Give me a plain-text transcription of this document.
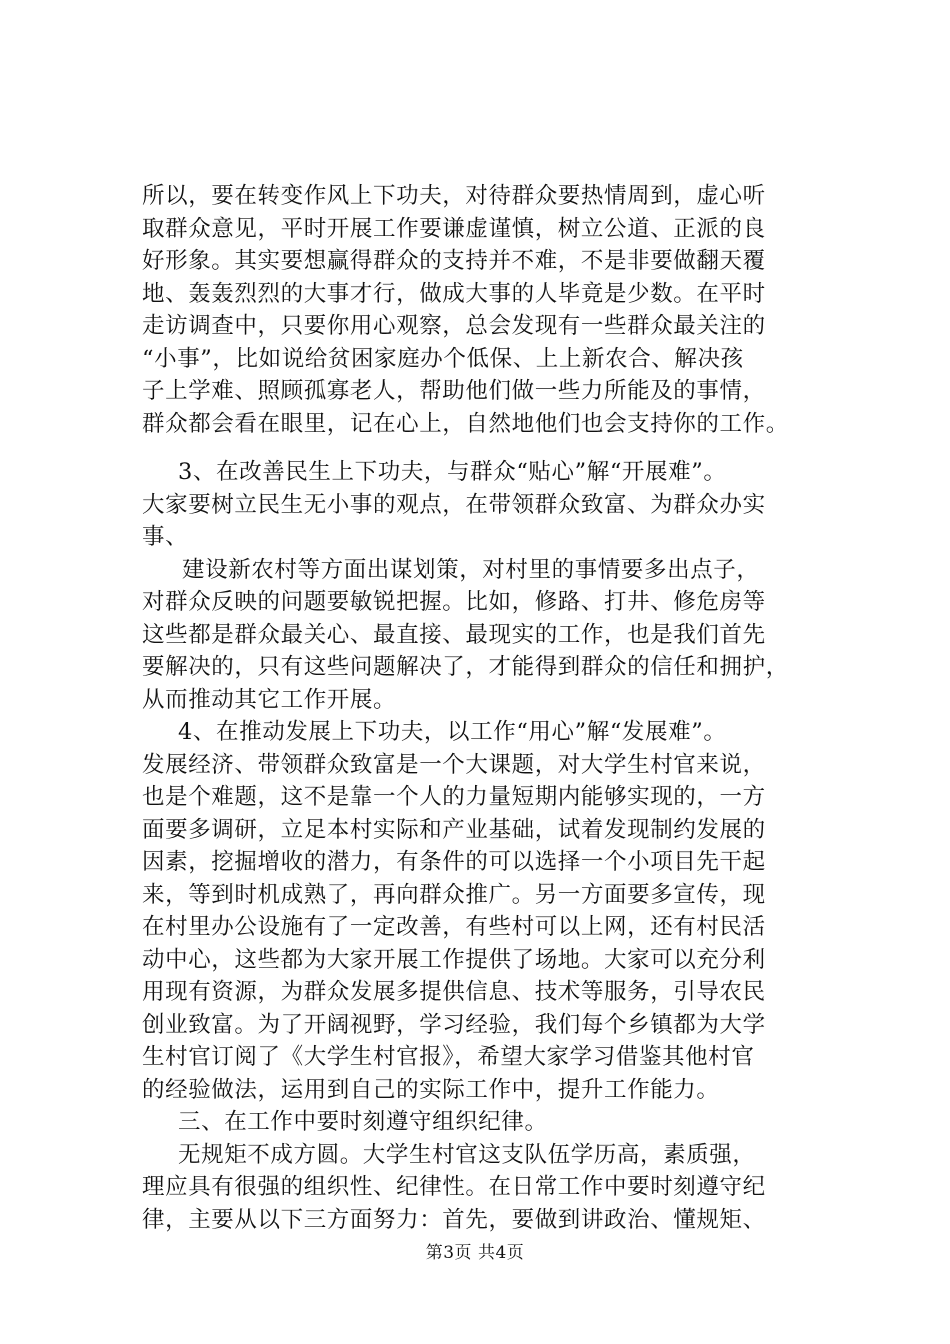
所以，要在转变作风上下功夫，对待群众要热情周到，虚心听
取群众意见，平时开展工作要谦虚谨慎，树立公道、正派的良
好形象。其实要想赢得群众的支持并不难，不是非要做翻天覆
地、轰轰烈烈的大事才行，做成大事的人毕竟是少数。在平时
走访调查中，只要你用心观察，总会发现有一些群众最关注的
“小事”，比如说给贫困家庭办个低保、上上新农合、解决孩
子上学难、照顾孤寡老人，帮助他们做一些力所能及的事情，
群众都会看在眼里，记在心上，自然地他们也会支持你的工作。
3、在改善民生上下功夫，与群众“贴心”解“开展难”。
大家要树立民生无小事的观点，在带领群众致富、为群众办实
事、
建设新农村等方面出谋划策，对村里的事情要多出点子，
对群众反映的问题要敏锐把握。比如，修路、打井、修危房等
这些都是群众最关心、最直接、最现实的工作，也是我们首先
要解决的，只有这些问题解决了，才能得到群众的信任和拥护，
从而推动其它工作开展。
4、在推动发展上下功夫，以工作“用心”解“发展难”。
发展经济、带领群众致富是一个大课题，对大学生村官来说，
也是个难题，这不是靠一个人的力量短期内能够实现的，一方
面要多调研，立足本村实际和产业基础，试着发现制约发展的
因素，挖掘增收的潜力，有条件的可以选择一个小项目先干起
来，等到时机成熟了，再向群众推广。另一方面要多宣传，现
在村里办公设施有了一定改善，有些村可以上网，还有村民活
动中心，这些都为大家开展工作提供了场地。大家可以充分利
用现有资源，为群众发展多提供信息、技术等服务，引导农民
创业致富。为了开阔视野，学习经验，我们每个乡镇都为大学
生村官订阅了《大学生村官报》，希望大家学习借鉴其他村官
的经验做法，运用到自己的实际工作中，提升工作能力。
三、在工作中要时刻遵守组织纪律。
无规矩不成方圆。大学生村官这支队伍学历高，素质强，
理应具有很强的组织性、纪律性。在日常工作中要时刻遵守纪
律，主要从以下三方面努力：首先，要做到讲政治、懂规矩、
第3页 共4页
